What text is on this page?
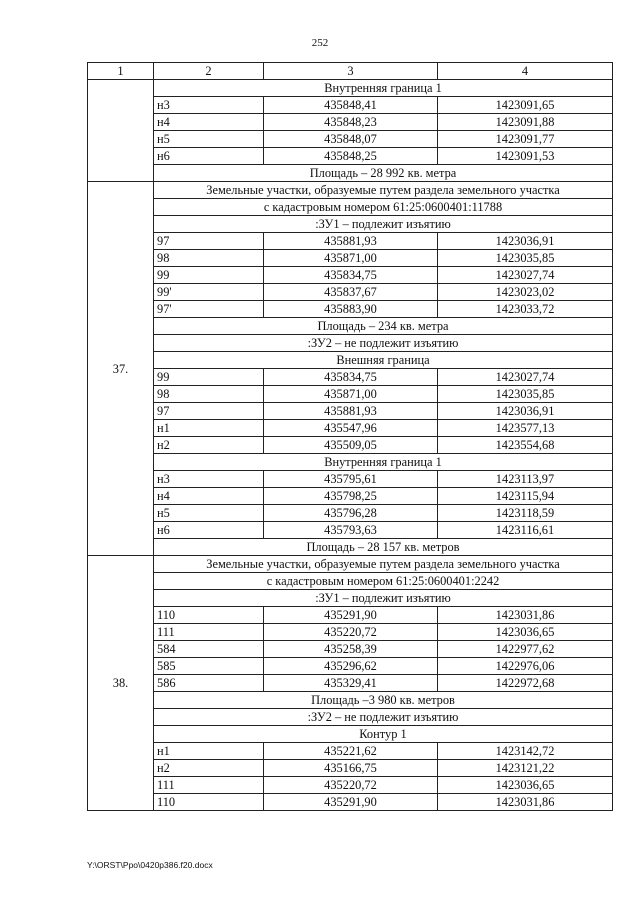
252
1	2	3	4
	Внутренняя граница 1		
	н3	435848,41	1423091,65
	н4	435848,23	1423091,88
	н5	435848,07	1423091,77
	н6	435848,25	1423091,53
	Площадь – 28 992 кв. метра		
37.	Земельные участки, образуемые путем раздела земельного участка		
	с кадастровым номером 61:25:0600401:11788		
	:ЗУ1 – подлежит изъятию		
	97	435881,93	1423036,91
	98	435871,00	1423035,85
	99	435834,75	1423027,74
	99'	435837,67	1423023,02
	97'	435883,90	1423033,72
	Площадь – 234 кв. метра		
	:ЗУ2 – не подлежит изъятию		
	Внешняя граница		
	99	435834,75	1423027,74
	98	435871,00	1423035,85
	97	435881,93	1423036,91
	н1	435547,96	1423577,13
	н2	435509,05	1423554,68
	Внутренняя граница 1		
	н3	435795,61	1423113,97
	н4	435798,25	1423115,94
	н5	435796,28	1423118,59
	н6	435793,63	1423116,61
	Площадь – 28 157 кв. метров		
38.	Земельные участки, образуемые путем раздела земельного участка		
	с кадастровым номером 61:25:0600401:2242		
	:ЗУ1 – подлежит изъятию		
	110	435291,90	1423031,86
	111	435220,72	1423036,65
	584	435258,39	1422977,62
	585	435296,62	1422976,06
	586	435329,41	1422972,68
	Площадь –3 980 кв. метров		
	:ЗУ2 – не подлежит изъятию		
	Контур 1		
	н1	435221,62	1423142,72
	н2	435166,75	1423121,22
	111	435220,72	1423036,65
	110	435291,90	1423031,86
Y:\ORST\Ppo\0420p386.f20.docx
